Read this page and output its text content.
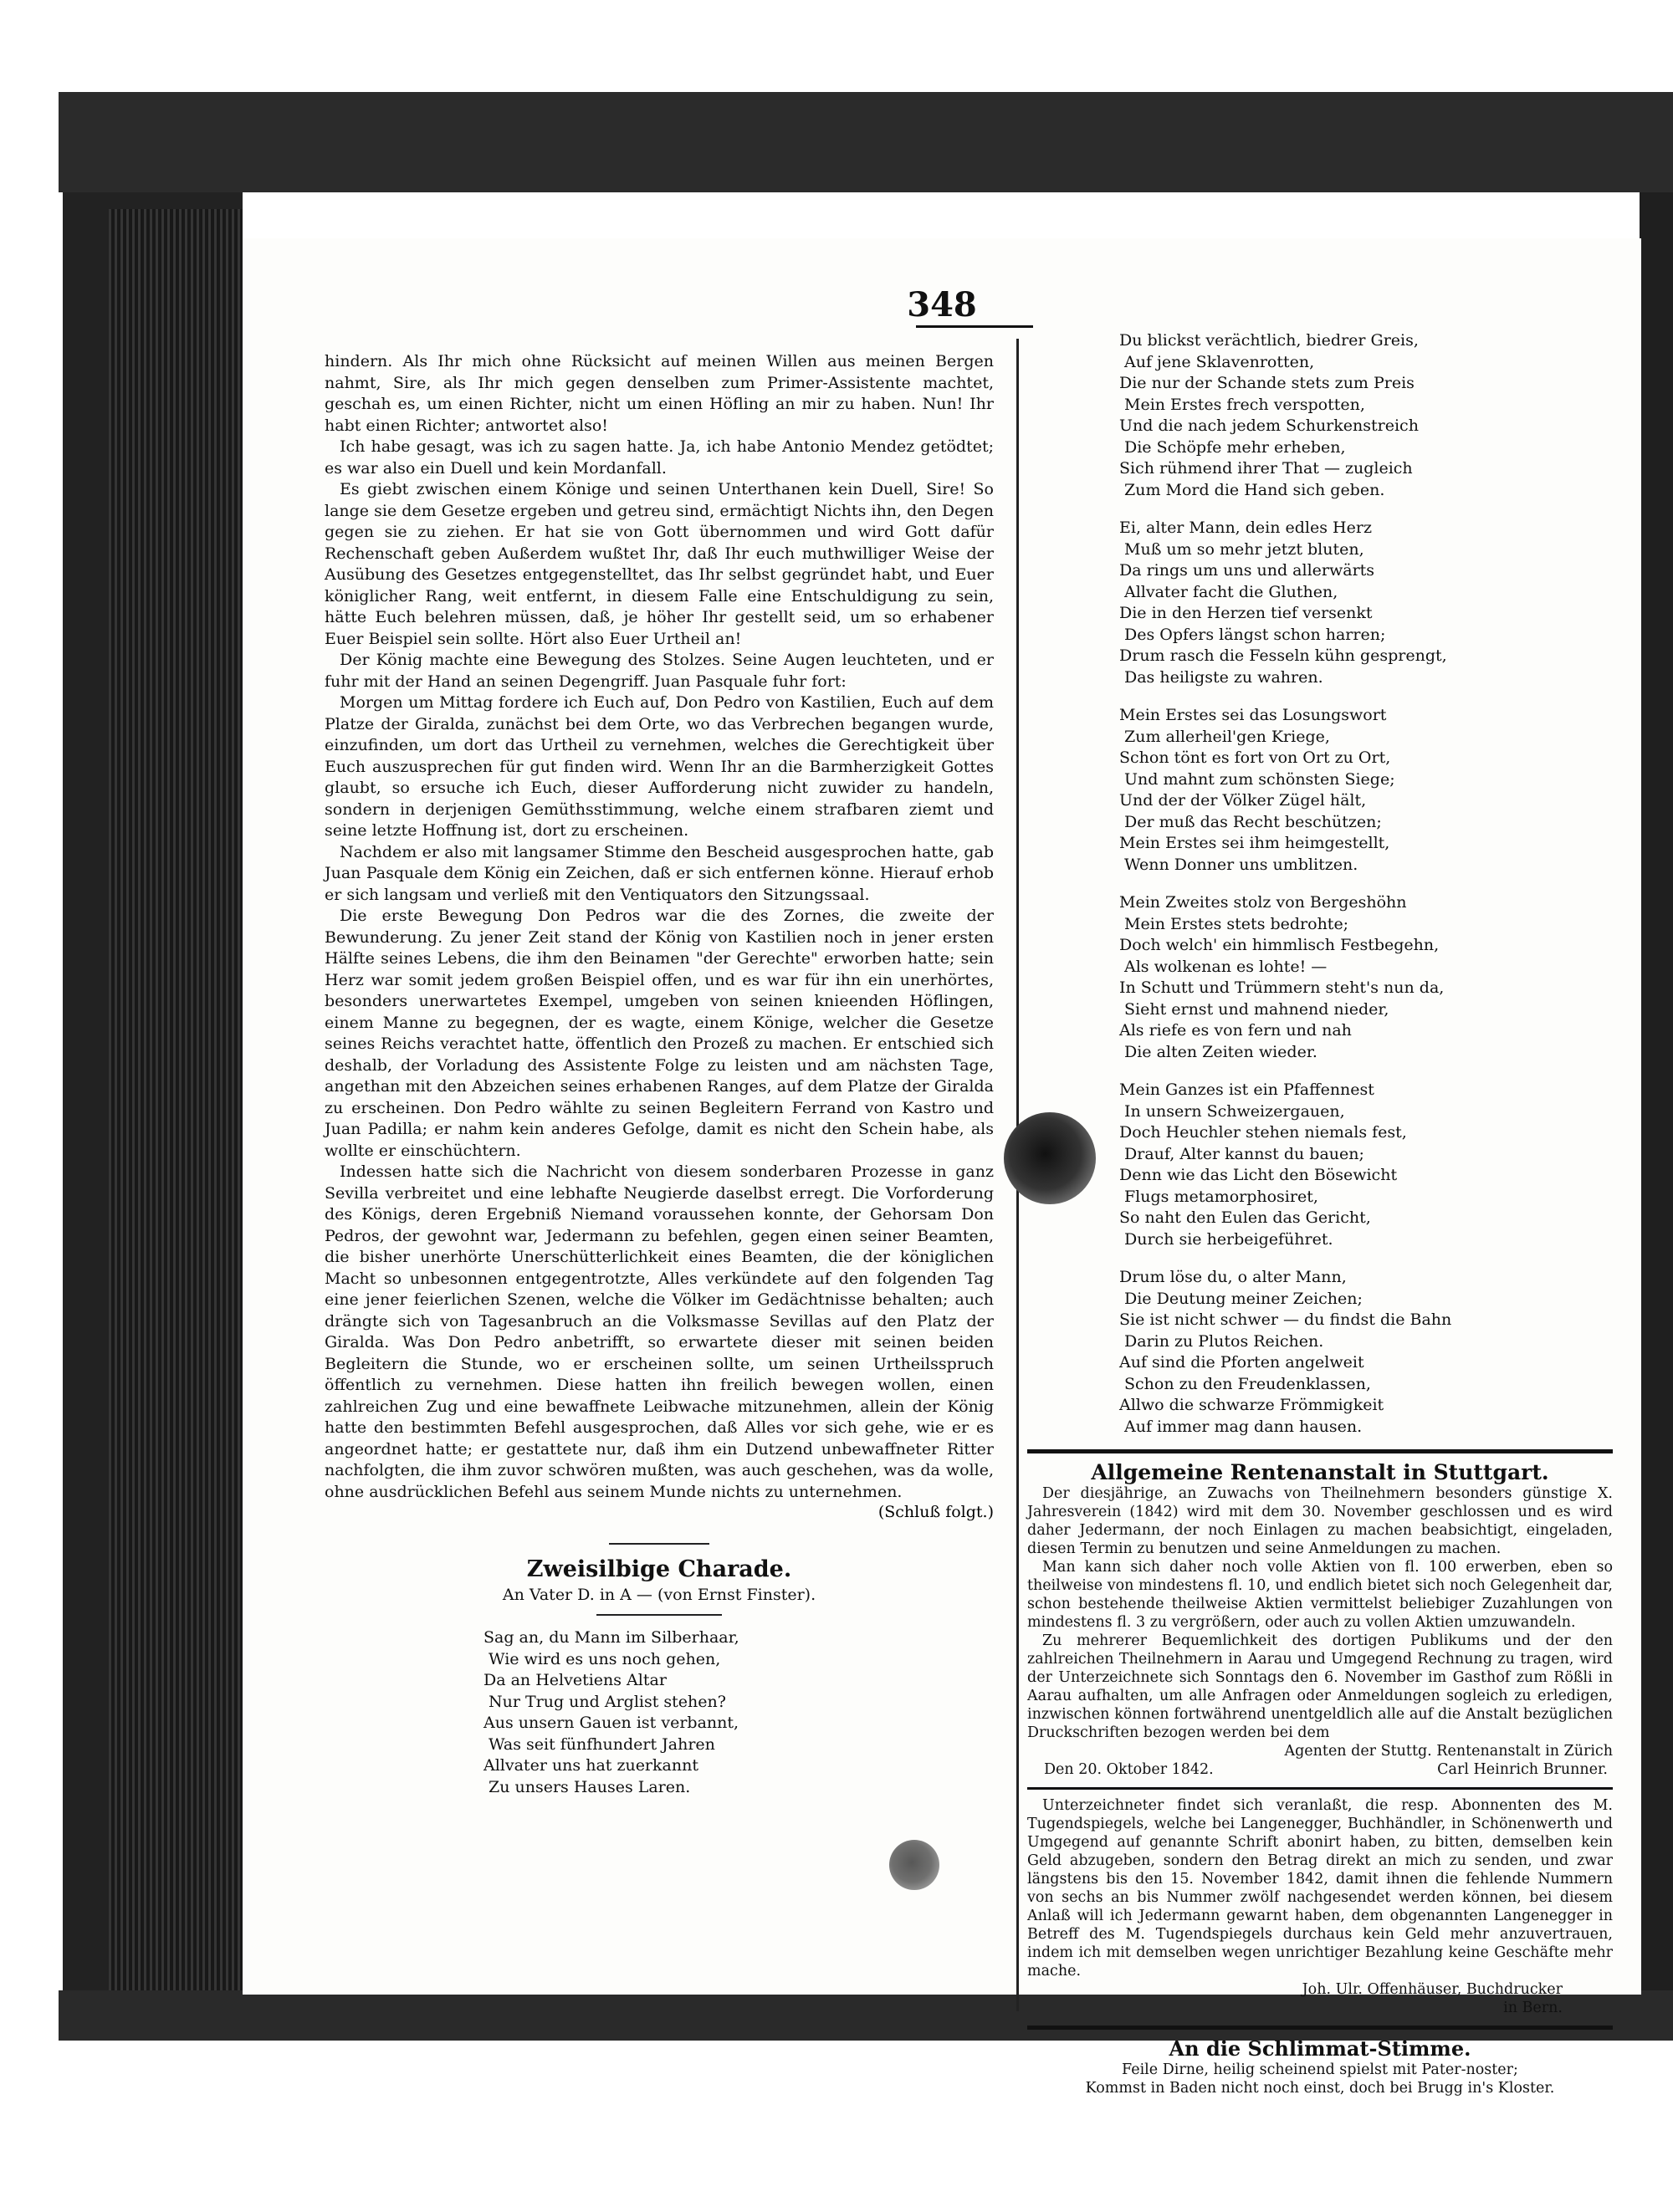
348

hindern. Als Ihr mich ohne Rücksicht auf meinen Willen aus meinen Bergen nahmt, Sire, als Ihr mich gegen denselben zum Primer-Assistente machtet, geschah es, um einen Richter, nicht um einen Höfling an mir zu haben. Nun! Ihr habt einen Richter; antwortet also!

Ich habe gesagt, was ich zu sagen hatte. Ja, ich habe Antonio Mendez getödtet; es war also ein Duell und kein Mordanfall.

Es giebt zwischen einem Könige und seinen Unterthanen kein Duell, Sire! So lange sie dem Gesetze ergeben und getreu sind, ermächtigt Nichts ihn, den Degen gegen sie zu ziehen. Er hat sie von Gott übernommen und wird Gott dafür Rechenschaft geben Außerdem wußtet Ihr, daß Ihr euch muthwilliger Weise der Ausübung des Gesetzes entgegenstelltet, das Ihr selbst gegründet habt, und Euer königlicher Rang, weit entfernt, in diesem Falle eine Entschuldigung zu sein, hätte Euch belehren müssen, daß, je höher Ihr gestellt seid, um so erhabener Euer Beispiel sein sollte. Hört also Euer Urtheil an!

Der König machte eine Bewegung des Stolzes. Seine Augen leuchteten, und er fuhr mit der Hand an seinen Degengriff. Juan Pasquale fuhr fort:

Morgen um Mittag fordere ich Euch auf, Don Pedro von Kastilien, Euch auf dem Platze der Giralda, zunächst bei dem Orte, wo das Verbrechen begangen wurde, einzufinden, um dort das Urtheil zu vernehmen, welches die Gerechtigkeit über Euch auszusprechen für gut finden wird. Wenn Ihr an die Barmherzigkeit Gottes glaubt, so ersuche ich Euch, dieser Aufforderung nicht zuwider zu handeln, sondern in derjenigen Gemüthsstimmung, welche einem strafbaren ziemt und seine letzte Hoffnung ist, dort zu erscheinen.

Nachdem er also mit langsamer Stimme den Bescheid ausgesprochen hatte, gab Juan Pasquale dem König ein Zeichen, daß er sich entfernen könne. Hierauf erhob er sich langsam und verließ mit den Ventiquators den Sitzungssaal.

Die erste Bewegung Don Pedros war die des Zornes, die zweite der Bewunderung. Zu jener Zeit stand der König von Kastilien noch in jener ersten Hälfte seines Lebens, die ihm den Beinamen "der Gerechte" erworben hatte; sein Herz war somit jedem großen Beispiel offen, und es war für ihn ein unerhörtes, besonders unerwartetes Exempel, umgeben von seinen knieenden Höflingen, einem Manne zu begegnen, der es wagte, einem Könige, welcher die Gesetze seines Reichs verachtet hatte, öffentlich den Prozeß zu machen. Er entschied sich deshalb, der Vorladung des Assistente Folge zu leisten und am nächsten Tage, angethan mit den Abzeichen seines erhabenen Ranges, auf dem Platze der Giralda zu erscheinen. Don Pedro wählte zu seinen Begleitern Ferrand von Kastro und Juan Padilla; er nahm kein anderes Gefolge, damit es nicht den Schein habe, als wollte er einschüchtern.

Indessen hatte sich die Nachricht von diesem sonderbaren Prozesse in ganz Sevilla verbreitet und eine lebhafte Neugierde daselbst erregt. Die Vorforderung des Königs, deren Ergebniß Niemand voraussehen konnte, der Gehorsam Don Pedros, der gewohnt war, Jedermann zu befehlen, gegen einen seiner Beamten, die bisher unerhörte Unerschütterlichkeit eines Beamten, die der königlichen Macht so unbesonnen entgegentrotzte, Alles verkündete auf den folgenden Tag eine jener feierlichen Szenen, welche die Völker im Gedächtnisse behalten; auch drängte sich von Tagesanbruch an die Volksmasse Sevillas auf den Platz der Giralda. Was Don Pedro anbetrifft, so erwartete dieser mit seinen beiden Begleitern die Stunde, wo er erscheinen sollte, um seinen Urtheilsspruch öffentlich zu vernehmen. Diese hatten ihn freilich bewegen wollen, einen zahlreichen Zug und eine bewaffnete Leibwache mitzunehmen, allein der König hatte den bestimmten Befehl ausgesprochen, daß Alles vor sich gehe, wie er es angeordnet hatte; er gestattete nur, daß ihm ein Dutzend unbewaffneter Ritter nachfolgten, die ihm zuvor schwören mußten, was auch geschehen, was da wolle, ohne ausdrücklichen Befehl aus seinem Munde nichts zu unternehmen.

(Schluß folgt.)
Zweisilbige Charade.
An Vater D. in A — (von Ernst Finster).
Sag an, du Mann im Silberhaar,
Wie wird es uns noch gehen,
Da an Helvetiens Altar
Nur Trug und Arglist stehen?
Aus unsern Gauen ist verbannt,
Was seit fünfhundert Jahren
Allvater uns hat zuerkannt
Zu unsers Hauses Laren.
Du blickst verächtlich, biedrer Greis,
Auf jene Sklavenrotten,
Die nur der Schande stets zum Preis
Mein Erstes frech verspotten,
Und die nach jedem Schurkenstreich
Die Schöpfe mehr erheben,
Sich rühmend ihrer That — zugleich
Zum Mord die Hand sich geben.
Ei, alter Mann, dein edles Herz
Muß um so mehr jetzt bluten,
Da rings um uns und allerwärts
Allvater facht die Gluthen,
Die in den Herzen tief versenkt
Des Opfers längst schon harren;
Drum rasch die Fesseln kühn gesprengt,
Das heiligste zu wahren.
Mein Erstes sei das Losungswort
Zum allerheil'gen Kriege,
Schon tönt es fort von Ort zu Ort,
Und mahnt zum schönsten Siege;
Und der der Völker Zügel hält,
Der muß das Recht beschützen;
Mein Erstes sei ihm heimgestellt,
Wenn Donner uns umblitzen.
Mein Zweites stolz von Bergeshöhn
Mein Erstes stets bedrohte;
Doch welch' ein himmlisch Festbegehn,
Als wolkenan es lohte! —
In Schutt und Trümmern steht's nun da,
Sieht ernst und mahnend nieder,
Als riefe es von fern und nah
Die alten Zeiten wieder.
Mein Ganzes ist ein Pfaffennest
In unsern Schweizergauen,
Doch Heuchler stehen niemals fest,
Drauf, Alter kannst du bauen;
Denn wie das Licht den Bösewicht
Flugs metamorphosiret,
So naht den Eulen das Gericht,
Durch sie herbeigeführet.
Drum löse du, o alter Mann,
Die Deutung meiner Zeichen;
Sie ist nicht schwer — du findst die Bahn
Darin zu Plutos Reichen.
Auf sind die Pforten angelweit
Schon zu den Freudenklassen,
Allwo die schwarze Frömmigkeit
Auf immer mag dann hausen.
Allgemeine Rentenanstalt in Stuttgart.

Der diesjährige, an Zuwachs von Theilnehmern besonders günstige X. Jahresverein (1842) wird mit dem 30. November geschlossen und es wird daher Jedermann, der noch Einlagen zu machen beabsichtigt, eingeladen, diesen Termin zu benutzen und seine Anmeldungen zu machen.

Man kann sich daher noch volle Aktien von fl. 100 erwerben, eben so theilweise von mindestens fl. 10, und endlich bietet sich noch Gelegenheit dar, schon bestehende theilweise Aktien vermittelst beliebiger Zuzahlungen von mindestens fl. 3 zu vergrößern, oder auch zu vollen Aktien umzuwandeln.

Zu mehrerer Bequemlichkeit des dortigen Publikums und der den zahlreichen Theilnehmern in Aarau und Umgegend Rechnung zu tragen, wird der Unterzeichnete sich Sonntags den 6. November im Gasthof zum Rößli in Aarau aufhalten, um alle Anfragen oder Anmeldungen sogleich zu erledigen, inzwischen können fortwährend unentgeldlich alle auf die Anstalt bezüglichen Druckschriften bezogen werden bei dem

Agenten der Stuttg. Rentenanstalt in Zürich

Den 20. Oktober 1842.	Carl Heinrich Brunner.

Unterzeichneter findet sich veranlaßt, die resp. Abonnenten des M. Tugendspiegels, welche bei Langenegger, Buchhändler, in Schönenwerth und Umgegend auf genannte Schrift abonirt haben, zu bitten, demselben kein Geld abzugeben, sondern den Betrag direkt an mich zu senden, und zwar längstens bis den 15. November 1842, damit ihnen die fehlende Nummern von sechs an bis Nummer zwölf nachgesendet werden können, bei diesem Anlaß will ich Jedermann gewarnt haben, dem obgenannten Langenegger in Betreff des M. Tugendspiegels durchaus kein Geld mehr anzuvertrauen, indem ich mit demselben wegen unrichtiger Bezahlung keine Geschäfte mehr mache.

Joh. Ulr. Offenhäuser, Buchdrucker

in Bern.

An die Schlimmat-Stimme.

Feile Dirne, heilig scheinend spielst mit Pater-noster;

Kommst in Baden nicht noch einst, doch bei Brugg in's Kloster.
